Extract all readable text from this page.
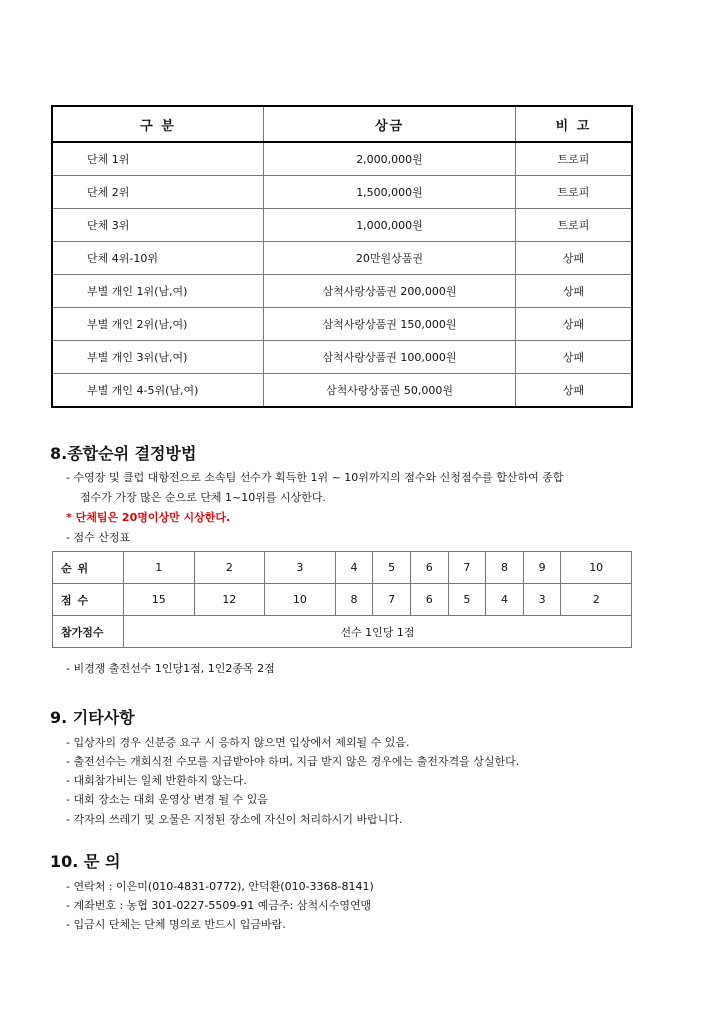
구 분	상금	비 고
단체 1위	2,000,000원	트로피
단체 2위	1,500,000원	트로피
단체 3위	1,000,000원	트로피
단체 4위-10위	20만원상품권	상패
부별 개인 1위(남,여)	삼척사랑상품권 200,000원	상패
부별 개인 2위(남,여)	삼척사랑상품권 150,000원	상패
부별 개인 3위(남,여)	삼척사랑상품권 100,000원	상패
부별 개인 4-5위(남,여)	삼척사랑상품권 50,000원	상패
8.종합순위 결정방법
- 수영장 및 클럽 대항전으로 소속팀 선수가 획득한 1위 ~ 10위까지의 점수와 신청점수를 합산하여 종합
점수가 가장 많은 순으로 단체 1~10위를 시상한다.
* 단체팀은 20명이상만 시상한다.
- 점수 산정표
순 위	1	2	3	4	5	6	7	8	9	10
점 수	15	12	10	8	7	6	5	4	3	2
참가점수	선수 1인당 1점									
- 비경쟁 출전선수 1인당1점, 1인2종목 2점
9. 기타사항
- 입상자의 경우 신분증 요구 시 응하지 않으면 입상에서 제외될 수 있음.
- 출전선수는 개회식전 수모를 지급받아야 하며, 지급 받지 않은 경우에는 출전자격을 상실한다.
- 대회참가비는 일체 반환하지 않는다.
- 대회 장소는 대회 운영상 변경 될 수 있음
- 각자의 쓰레기 및 오물은 지정된 장소에 자신이 처리하시기 바랍니다.
10. 문 의
- 연락처 : 이은미(010-4831-0772), 안덕환(010-3368-8141)
- 계좌번호 : 농협 301-0227-5509-91 예금주: 삼척시수영연맹
- 입금시 단체는 단체 명의로 반드시 입금바람.
